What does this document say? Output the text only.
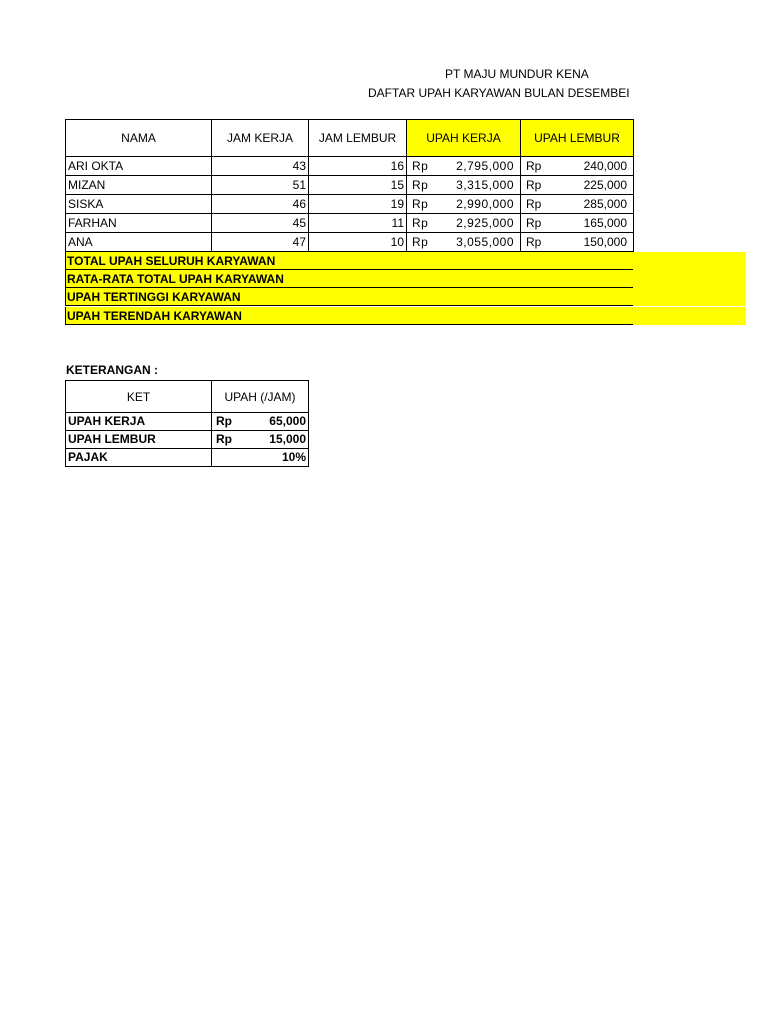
PT MAJU MUNDUR KENA
DAFTAR UPAH KARYAWAN BULAN DESEMBEI
NAMA	JAM KERJA	JAM LEMBUR	UPAH KERJA	UPAH LEMBUR
ARI OKTA	43	16	Rp 2,795,000	Rp 240,000

MIZAN	51	15	Rp 3,315,000	Rp 225,000

SISKA	46	19	Rp 2,990,000	Rp 285,000

FARHAN	45	11	Rp 2,925,000	Rp 165,000

ANA	47	10	Rp 3,055,000	Rp 150,000
TOTAL UPAH SELURUH KARYAWAN
RATA-RATA TOTAL UPAH KARYAWAN
UPAH TERTINGGI KARYAWAN
UPAH TERENDAH KARYAWAN
KETERANGAN :
KET	UPAH (/JAM)
UPAH KERJA	Rp 65,000

UPAH LEMBUR	Rp 15,000

PAJAK	10%
